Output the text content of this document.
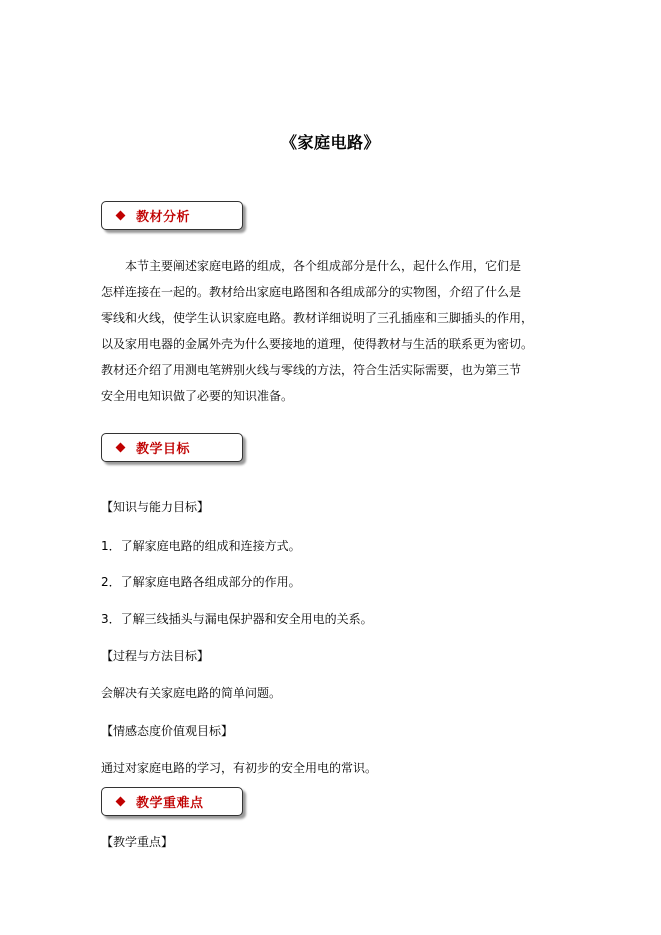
《家庭电路》
教材分析
　　本节主要阐述家庭电路的组成，各个组成部分是什么，起什么作用，它们是
怎样连接在一起的。教材给出家庭电路图和各组成部分的实物图，介绍了什么是
零线和火线，使学生认识家庭电路。教材详细说明了三孔插座和三脚插头的作用，
以及家用电器的金属外壳为什么要接地的道理，使得教材与生活的联系更为密切。
教材还介绍了用测电笔辨别火线与零线的方法，符合生活实际需要，也为第三节
安全用电知识做了必要的知识准备。
教学目标

【知识与能力目标】

1．了解家庭电路的组成和连接方式。

2．了解家庭电路各组成部分的作用。

3．了解三线插头与漏电保护器和安全用电的关系。

【过程与方法目标】

会解决有关家庭电路的简单问题。

【情感态度价值观目标】

通过对家庭电路的学习，有初步的安全用电的常识。

教学重难点

【教学重点】
